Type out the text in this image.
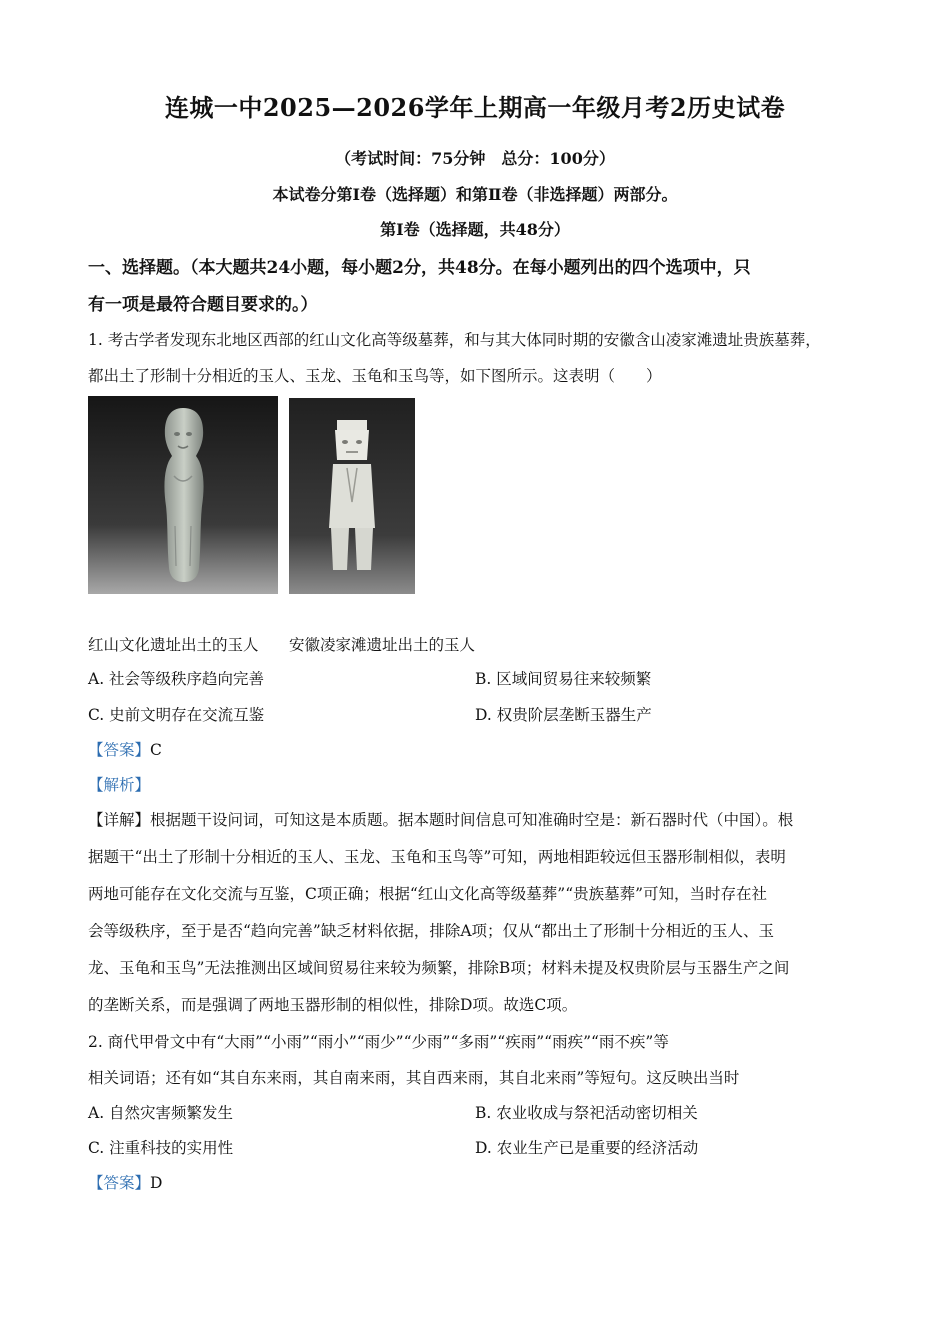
连城一中2025—2026学年上期高一年级月考2历史试卷
（考试时间：75分钟　总分：100分）
本试卷分第Ⅰ卷（选择题）和第Ⅱ卷（非选择题）两部分。
第Ⅰ卷（选择题，共48分）
一、选择题。（本大题共24小题，每小题2分，共48分。在每小题列出的四个选项中，只
有一项是最符合题目要求的。）
1. 考古学者发现东北地区西部的红山文化高等级墓葬，和与其大体同时期的安徽含山凌家滩遗址贵族墓葬，
都出土了形制十分相近的玉人、玉龙、玉龟和玉鸟等，如下图所示。这表明（　　）
红山文化遗址出土的玉人 安徽凌家滩遗址出土的玉人
A. 社会等级秩序趋向完善	B. 区域间贸易往来较频繁
C. 史前文明存在交流互鉴	D. 权贵阶层垄断玉器生产
【答案】C
【解析】
【详解】根据题干设问词，可知这是本质题。据本题时间信息可知准确时空是：新石器时代（中国）。根
据题干“出土了形制十分相近的玉人、玉龙、玉龟和玉鸟等”可知，两地相距较远但玉器形制相似，表明
两地可能存在文化交流与互鉴，C项正确；根据“红山文化高等级墓葬”“贵族墓葬”可知，当时存在社
会等级秩序，至于是否“趋向完善”缺乏材料依据，排除A项；仅从“都出土了形制十分相近的玉人、玉
龙、玉龟和玉鸟”无法推测出区域间贸易往来较为频繁，排除B项；材料未提及权贵阶层与玉器生产之间
的垄断关系，而是强调了两地玉器形制的相似性，排除D项。故选C项。
2. 商代甲骨文中有“大雨”“小雨”“雨小”“雨少”“少雨”“多雨”“疾雨”“雨疾”“雨不疾”等
相关词语；还有如“其自东来雨，其自南来雨，其自西来雨，其自北来雨”等短句。这反映出当时
A. 自然灾害频繁发生	B. 农业收成与祭祀活动密切相关
C. 注重科技的实用性	D. 农业生产已是重要的经济活动
【答案】D
